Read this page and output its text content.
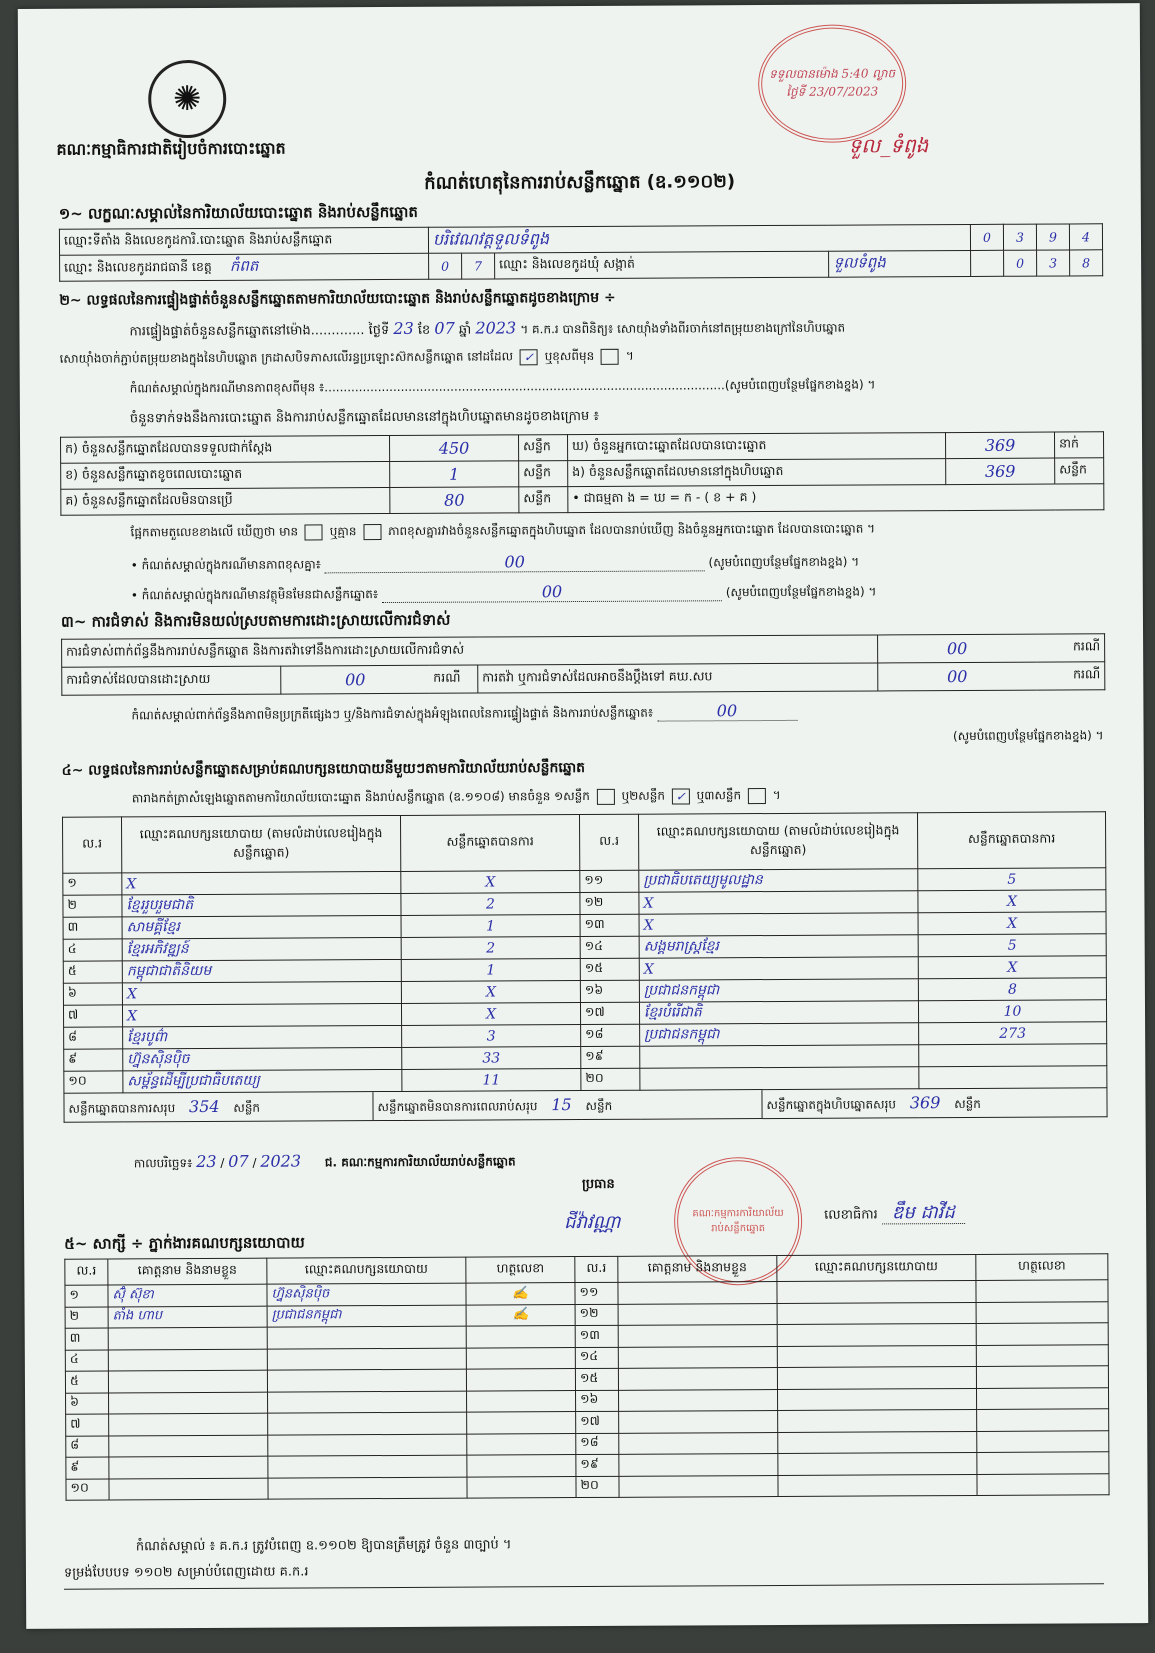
✺
គណៈកម្មាធិការជាតិរៀបចំការបោះឆ្នោត
កំណត់ហេតុនៃការរាប់សន្លឹកឆ្នោត (ឧ.១១០២)
ទទួលបានម៉ោង 5:40 ល្ងាច ថ្ងៃទី 23/07/2023
ទួល_ទំពូង
១~ លក្ខណៈសម្គាល់នៃការិយាល័យបោះឆ្នោត និងរាប់សន្លឹកឆ្នោត
ឈ្មោះទីតាំង និងលេខកូដការិ.បោះឆ្នោត និងរាប់សន្លឹកឆ្នោត	បរិវេណវត្តទួលទំពូង				0	3	9	4
ឈ្មោះ និងលេខកូដរាជធានី ខេត្ត កំពត	0	7	ឈ្មោះ និងលេខកូដឃុំ សង្កាត់	ទួលទំពូង		0	3	8
២~ លទ្ធផលនៃការផ្ទៀងផ្ទាត់ចំនួនសន្លឹកឆ្នោតតាមការិយាល័យបោះឆ្នោត និងរាប់សន្លឹកឆ្នោតដូចខាងក្រោម ÷
ការផ្ទៀងផ្ទាត់ចំនួនសន្លឹកឆ្នោតនៅម៉ោង............. ថ្ងៃទី 23 ខែ 07 ឆ្នាំ 2023 ។ គ.ក.រ បានពិនិត្យ៖ សោយ៉ាំងទាំងពីរចាក់នៅតម្រុយខាងក្រៅនៃហិបឆ្នោត
សោយ៉ាំងចាក់ភ្ជាប់តម្រុយខាងក្នុងនៃហិបឆ្នោត ក្រដាសបិទភាសលើរន្ធប្រឡោះស៊កសន្លឹកឆ្នោត នៅដដែល ✓ ឬខុសពីមុន	។
កំណត់សម្គាល់ក្នុងករណីមានភាពខុសពីមុន ៖.........................................................................................................(សូមបំពេញបន្ថែមផ្នែកខាងខ្នង) ។
ចំនួនទាក់ទងនឹងការបោះឆ្នោត និងការរាប់សន្លឹកឆ្នោតដែលមាននៅក្នុងហិបឆ្នោតមានដូចខាងក្រោម ៖
ក) ចំនួនសន្លឹកឆ្នោតដែលបានទទួលជាក់ស្តែង	450	សន្លឹក	ឃ) ចំនួនអ្នកបោះឆ្នោតដែលបានបោះឆ្នោត	369	នាក់
ខ) ចំនួនសន្លឹកឆ្នោតខូចពេលបោះឆ្នោត	1	សន្លឹក	ង) ចំនួនសន្លឹកឆ្នោតដែលមាននៅក្នុងហិបឆ្នោត	369	សន្លឹក
គ) ចំនួនសន្លឹកឆ្នោតដែលមិនបានប្រើ	80	សន្លឹក	• ជាធម្មតា ង = ឃ = ក - ( ខ + គ )		
ផ្អែកតាមតួលេខខាងលើ ឃើញថា មាន	ឬគ្មាន	ភាពខុសគ្នារវាងចំនួនសន្លឹកឆ្នោតក្នុងហិបឆ្នោត ដែលបានរាប់ឃើញ និងចំនួនអ្នកបោះឆ្នោត ដែលបានបោះឆ្នោត ។
• កំណត់សម្គាល់ក្នុងករណីមានភាពខុសគ្នា៖	00	(សូមបំពេញបន្ថែមផ្នែកខាងខ្នង) ។
• កំណត់សម្គាល់ក្នុងករណីមានវត្ថុមិនមែនជាសន្លឹកឆ្នោត៖	00	(សូមបំពេញបន្ថែមផ្នែកខាងខ្នង) ។
៣~ ការជំទាស់ និងការមិនយល់ស្របតាមការដោះស្រាយលើការជំទាស់
ការជំទាស់ពាក់ព័ន្ធនឹងការរាប់សន្លឹកឆ្នោត និងការតវ៉ាទៅនឹងការដោះស្រាយលើការជំទាស់				00	ករណី
ការជំទាស់ដែលបានដោះស្រាយ	00	ករណី	ការតវ៉ា ឬការជំទាស់ដែលអាចនឹងប្តឹងទៅ គឃ.សប	00	ករណី
កំណត់សម្គាល់ពាក់ព័ន្ធនឹងភាពមិនប្រក្រតីផ្សេងៗ ឬ/និងការជំទាស់ក្នុងអំឡុងពេលនៃការផ្ទៀងផ្ទាត់ និងការរាប់សន្លឹកឆ្នោត៖	00
(សូមបំពេញបន្ថែមផ្នែកខាងខ្នង) ។
៤~ លទ្ធផលនៃការរាប់សន្លឹកឆ្នោតសម្រាប់គណបក្សនយោបាយនីមួយៗតាមការិយាល័យរាប់សន្លឹកឆ្នោត
តារាងកត់ត្រាសំឡេងឆ្នោតតាមការិយាល័យបោះឆ្នោត និងរាប់សន្លឹកឆ្នោត (ឧ.១១០៨) មានចំនួន ១សន្លឹក	ឬ២សន្លឹក ✓ ឬ៣សន្លឹក	។
ល.រ	ឈ្មោះគណបក្សនយោបាយ (តាមលំដាប់លេខរៀងក្នុងសន្លឹកឆ្នោត)	សន្លឹកឆ្នោតបានការ	ល.រ	ឈ្មោះគណបក្សនយោបាយ (តាមលំដាប់លេខរៀងក្នុងសន្លឹកឆ្នោត)	សន្លឹកឆ្នោតបានការ
១	X	X	១១	ប្រជាធិបតេយ្យមូលដ្ឋាន	5
២	ខ្មែររួបរួមជាតិ	2	១២	X	X
៣	សាមគ្គីខ្មែរ	1	១៣	X	X
៤	ខ្មែរអភិវឌ្ឍន៍	2	១៤	សង្គមរាស្ត្រខ្មែរ	5
៥	កម្ពុជាជាតិនិយម	1	១៥	X	X
៦	X	X	១៦	ប្រជាជនកម្ពុជា	8
៧	X	X	១៧	ខ្មែរបំរើជាតិ	10
៨	ខ្មែរបូព៌ា	3	១៨	ប្រជាជនកម្ពុជា	273
៩	ហ្វ៊ុនស៊ិនប៉ិច	33	១៩		
១០	សម្ព័ន្ធដើម្បីប្រជាធិបតេយ្យ	11	២០		

សន្លឹកឆ្នោតបានការសរុប 354 សន្លឹក សន្លឹកឆ្នោតមិនបានការពេលរាប់សរុប 15 សន្លឹក សន្លឹកឆ្នោតក្នុងហិបឆ្នោតសរុប 369 សន្លឹក					
កាលបរិច្ឆេទ៖ 23 / 07 / 2023 ជ. គណៈកម្មការការិយាល័យរាប់សន្លឹកឆ្នោត
ប្រធាន
ជីវ៉ាវណ្ណា	គណៈកម្មការការិយាល័យរាប់សន្លឹកឆ្នោត
លេខាធិការ ឌឹម ដាវីដ
៥~ សាក្សី ÷ ភ្នាក់ងារគណបក្សនយោបាយ
ល.រ	គោត្តនាម និងនាមខ្លួន	ឈ្មោះគណបក្សនយោបាយ	ហត្ថលេខា	ល.រ	គោត្តនាម និងនាមខ្លួន	ឈ្មោះគណបក្សនយោបាយ	ហត្ថលេខា
១	ស៊ុំ ស៊ុខា	ហ្វ៊ុនស៊ិនប៉ិច	✍	១១			
២	តាំង ហាប	ប្រជាជនកម្ពុជា	✍	១២			
៣				១៣			
៤				១៤			
៥				១៥			
៦				១៦			
៧				១៧			
៨				១៨			
៩				១៩			
១០				២០			
កំណត់សម្គាល់ ៖ គ.ក.រ ត្រូវបំពេញ ឧ.១១០២ ឱ្យបានត្រឹមត្រូវ ចំនួន ៣ច្បាប់ ។
ទម្រង់បែបបទ ១១០២ សម្រាប់បំពេញដោយ គ.ក.រ
